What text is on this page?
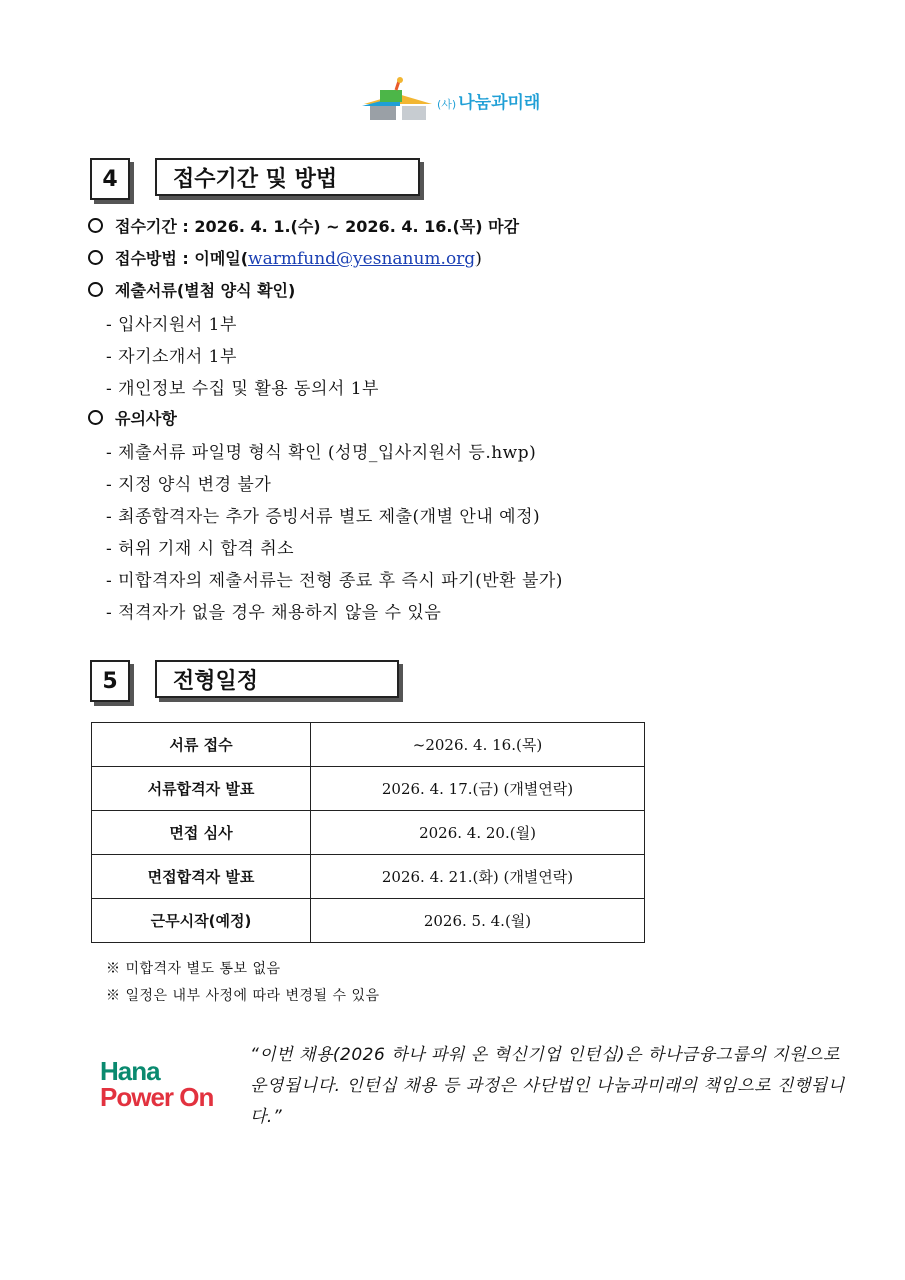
(사) 나눔과미래
4	접수기간 및 방법
접수기간 : 2026. 4. 1.(수) ~ 2026. 4. 16.(목) 마감
접수방법 : 이메일(warmfund@yesnanum.org)
제출서류(별첨 양식 확인)
- 입사지원서 1부
- 자기소개서 1부
- 개인정보 수집 및 활용 동의서 1부
유의사항
- 제출서류 파일명 형식 확인 (성명_입사지원서 등.hwp)
- 지정 양식 변경 불가
- 최종합격자는 추가 증빙서류 별도 제출(개별 안내 예정)
- 허위 기재 시 합격 취소
- 미합격자의 제출서류는 전형 종료 후 즉시 파기(반환 불가)
- 적격자가 없을 경우 채용하지 않을 수 있음
5	전형일정
서류 접수	~2026. 4. 16.(목)
서류합격자 발표	2026. 4. 17.(금) (개별연락)
면접 심사	2026. 4. 20.(월)
면접합격자 발표	2026. 4. 21.(화) (개별연락)
근무시작(예정)	2026. 5. 4.(월)
※ 미합격자 별도 통보 없음
※ 일정은 내부 사정에 따라 변경될 수 있음
Hana
Power On
“이번 채용(2026 하나 파워 온 혁신기업 인턴십)은 하나금융그룹의 지원으로 운영됩니다. 인턴십 채용 등 과정은 사단법인 나눔과미래의 책임으로 진행됩니다.”
